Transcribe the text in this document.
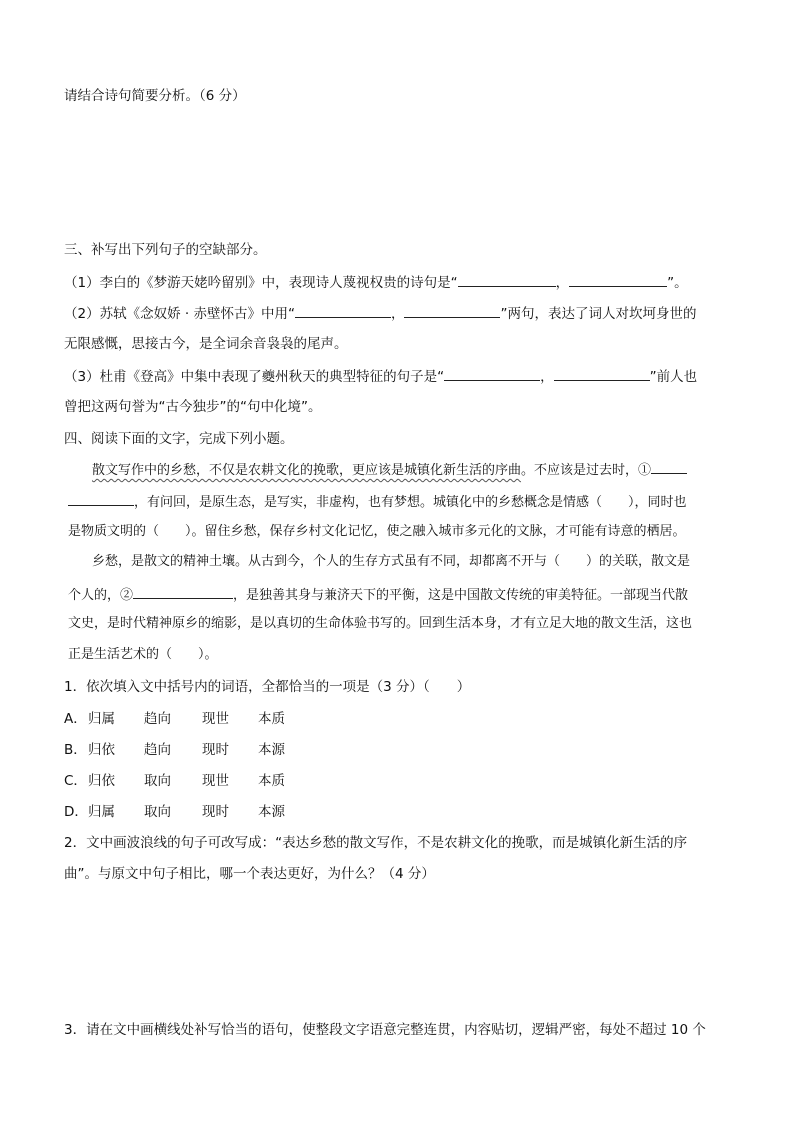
请结合诗句简要分析。（6 分）
三、补写出下列句子的空缺部分。
（1）李白的《梦游天姥吟留别》中，表现诗人蔑视权贵的诗句是“	，	”。
（2）苏轼《念奴娇 · 赤壁怀古》中用“	，	”两句，表达了词人对坎坷身世的
无限感慨，思接古今，是全词余音袅袅的尾声。
（3）杜甫《登高》中集中表现了夔州秋天的典型特征的句子是“	，	”前人也
曾把这两句誉为“古今独步”的“句中化境”。
四、阅读下面的文字，完成下列小题。
散文写作中的乡愁，不仅是农耕文化的挽歌，更应该是城镇化新生活的序曲。不应该是过去时，①
，有问回，是原生态，是写实，非虚构，也有梦想。城镇化中的乡愁概念是情感（　　），同时也
是物质文明的（　　）。留住乡愁，保存乡村文化记忆，使之融入城市多元化的文脉，才可能有诗意的栖居。
乡愁，是散文的精神土壤。从古到今，个人的生存方式虽有不同，却都离不开与（　　）的关联，散文是
个人的，②	，是独善其身与兼济天下的平衡，这是中国散文传统的审美特征。一部现当代散
文史，是时代精神原乡的缩影，是以真切的生命体验书写的。回到生活本身，才有立足大地的散文生活，这也
正是生活艺术的（　　）。
1．依次填入文中括号内的词语，全都恰当的一项是（3 分）（　　）
A．归属 趋向 现世 本质
B．归依 趋向 现时 本源
C．归依 取向 现世 本质
D．归属 取向 现时 本源
2．文中画波浪线的句子可改写成：“表达乡愁的散文写作，不是农耕文化的挽歌，而是城镇化新生活的序
曲”。与原文中句子相比，哪一个表达更好，为什么？（4 分）
3．请在文中画横线处补写恰当的语句，使整段文字语意完整连贯，内容贴切，逻辑严密，每处不超过 10 个
